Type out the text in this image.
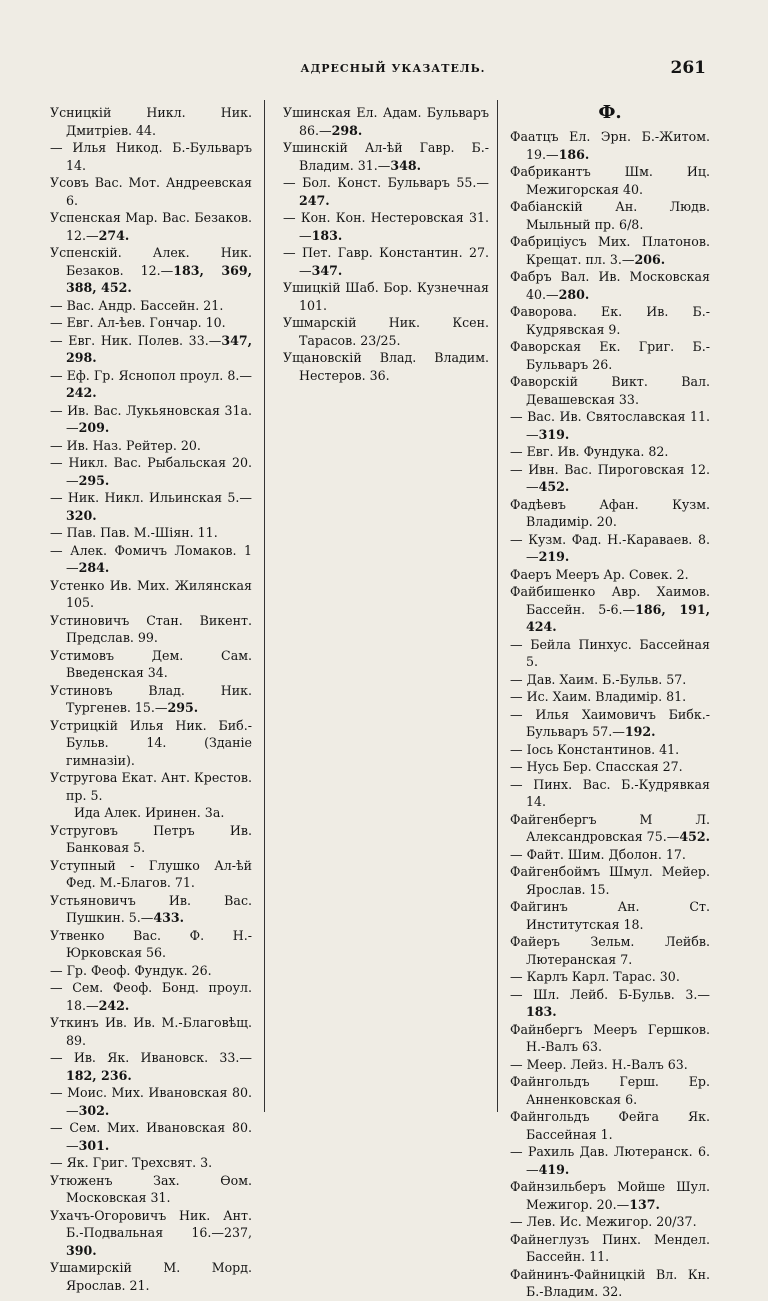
АДРЕСНЫЙ УКАЗАТЕЛЬ.	261
Усницкій Никл. Ник. Дмитріев. 44.
— Илья Никод. Б.-Бульваръ 14.
Усовъ Вас. Мот. Андреевская 6.
Успенская Мар. Вас. Безаков. 12.—274.
Успенскій. Алек. Ник. Безаков. 12.—183, 369, 388, 452.
— Вас. Андр. Бассейн. 21.
— Евг. Ал-ѣев. Гончар. 10.
— Евг. Ник. Полев. 33.—347, 298.
— Еф. Гр. Яснопол проул. 8.—242.
— Ив. Вас. Лукьяновская 31а.—209.
— Ив. Наз. Рейтер. 20.
— Никл. Вас. Рыбальская 20.—295.
— Ник. Никл. Ильинская 5.—320.
— Пав. Пав. М.-Шіян. 11.
— Алек. Фомичъ Ломаков. 1 —284.
Устенко Ив. Мих. Жилянская 105.
Устиновичъ Стан. Викент. Предслав. 99.
Устимовъ Дем. Сам. Введенская 34.
Устиновъ Влад. Ник. Тургенев. 15.—295.
Устрицкій Илья Ник. Биб.-Бульв. 14. (Зданіе гимназіи).
Устругова Екат. Ант. Крестов. пр. 5.
Ида Алек. Иринен. 3а.
Уструговъ Петръ Ив. Банковая 5.
Уступный - Глушко Ал-ѣй Фед. М.-Благов. 71.
Устьяновичъ Ив. Вас. Пушкин. 5.—433.
Утвенко Вас. Ф. Н.-Юрковская 56.
— Гр. Феоф. Фундук. 26.
— Сем. Феоф. Бонд. проул. 18.—242.
Уткинъ Ив. Ив. М.-Благовѣщ. 89.
— Ив. Як. Ивановск. 33.—182, 236.
— Моис. Мих. Ивановская 80.—302.
— Сем. Мих. Ивановская 80.—301.
— Як. Григ. Трехсвят. 3.
Утюженъ Зах. Ѳом. Московская 31.
Ухачъ-Огоровичъ Ник. Ант. Б.-Подвальная 16.—237, 390.
Ушамирскій М. Морд. Ярослав. 21.
Ушинская Ел. Адам. Бульваръ 86.—298.
Ушинскій Ал-ѣй Гавр. Б.-Владим. 31.—348.
— Бол. Конст. Бульваръ 55.—247.
— Кон. Кон. Нестеровская 31.—183.
— Пет. Гавр. Константин. 27.—347.
Ушицкій Шаб. Бор. Кузнечная 101.
Ушмарскій Ник. Ксен. Тарасов. 23/25.
Ущановскій Влад. Владим. Нестеров. 36.
Ф.
Фаатцъ Ел. Эрн. Б.-Житом. 19.—186.
Фабрикантъ Шм. Иц. Межигорская 40.
Фабіанскій Ан. Людв. Мыльный пр. 6/8.
Фабриціусъ Мих. Платонов. Крещат. пл. 3.—206.
Фабръ Вал. Ив. Московская 40.—280.
Фаворова. Ек. Ив. Б.-Кудрявская 9.
Фаворская Ек. Григ. Б.-Бульваръ 26.
Фаворскій Викт. Вал. Девашевская 33.
— Вас. Ив. Святославская 11.—319.
— Евг. Ив. Фундука. 82.
— Ивн. Вас. Пироговская 12.—452.
Фадѣевъ Афан. Кузм. Владимір. 20.
— Кузм. Фад. Н.-Караваев. 8.—219.
Фаеръ Мееръ Ар. Совек. 2.
Файбишенко Авр. Хаимов. Бассейн. 5-6.—186, 191, 424.
— Бейла Пинхус. Бассейная 5.
— Дав. Хаим. Б.-Бульв. 57.
— Ис. Хаим. Владимір. 81.
— Илья Хаимовичъ Бибк.-Бульваръ 57.—192.
— Іось Константинов. 41.
— Нусь Бер. Спасская 27.
— Пинх. Вас. Б.-Кудрявкая 14.
Файгенбергъ М Л. Александровская 75.—452.
— Файт. Шим. Дболон. 17.
Файгенбоймъ Шмул. Мейер. Ярослав. 15.
Файгинъ Ан. Ст. Институтская 18.
Файеръ Зельм. Лейбв. Лютеранская 7.
— Карлъ Карл. Тарас. 30.
— Шл. Лейб. Б-Бульв. 3.—183.
Файнбергъ Мееръ Гершков. Н.-Валъ 63.
— Меер. Лейз. Н.-Валъ 63.
Файнгольдъ Герш. Ер. Анненковская 6.
Файнгольдъ Фейга Як. Бассейная 1.
— Рахиль Дав. Лютеранск. 6.—419.
Файнзильберъ Мойше Шул. Межигор. 20.—137.
— Лев. Ис. Межигор. 20/37.
Файнеглузъ Пинх. Мендел. Бассейн. 11.
Файнинъ-Файницкій Вл. Кн. Б.-Владим. 32.
